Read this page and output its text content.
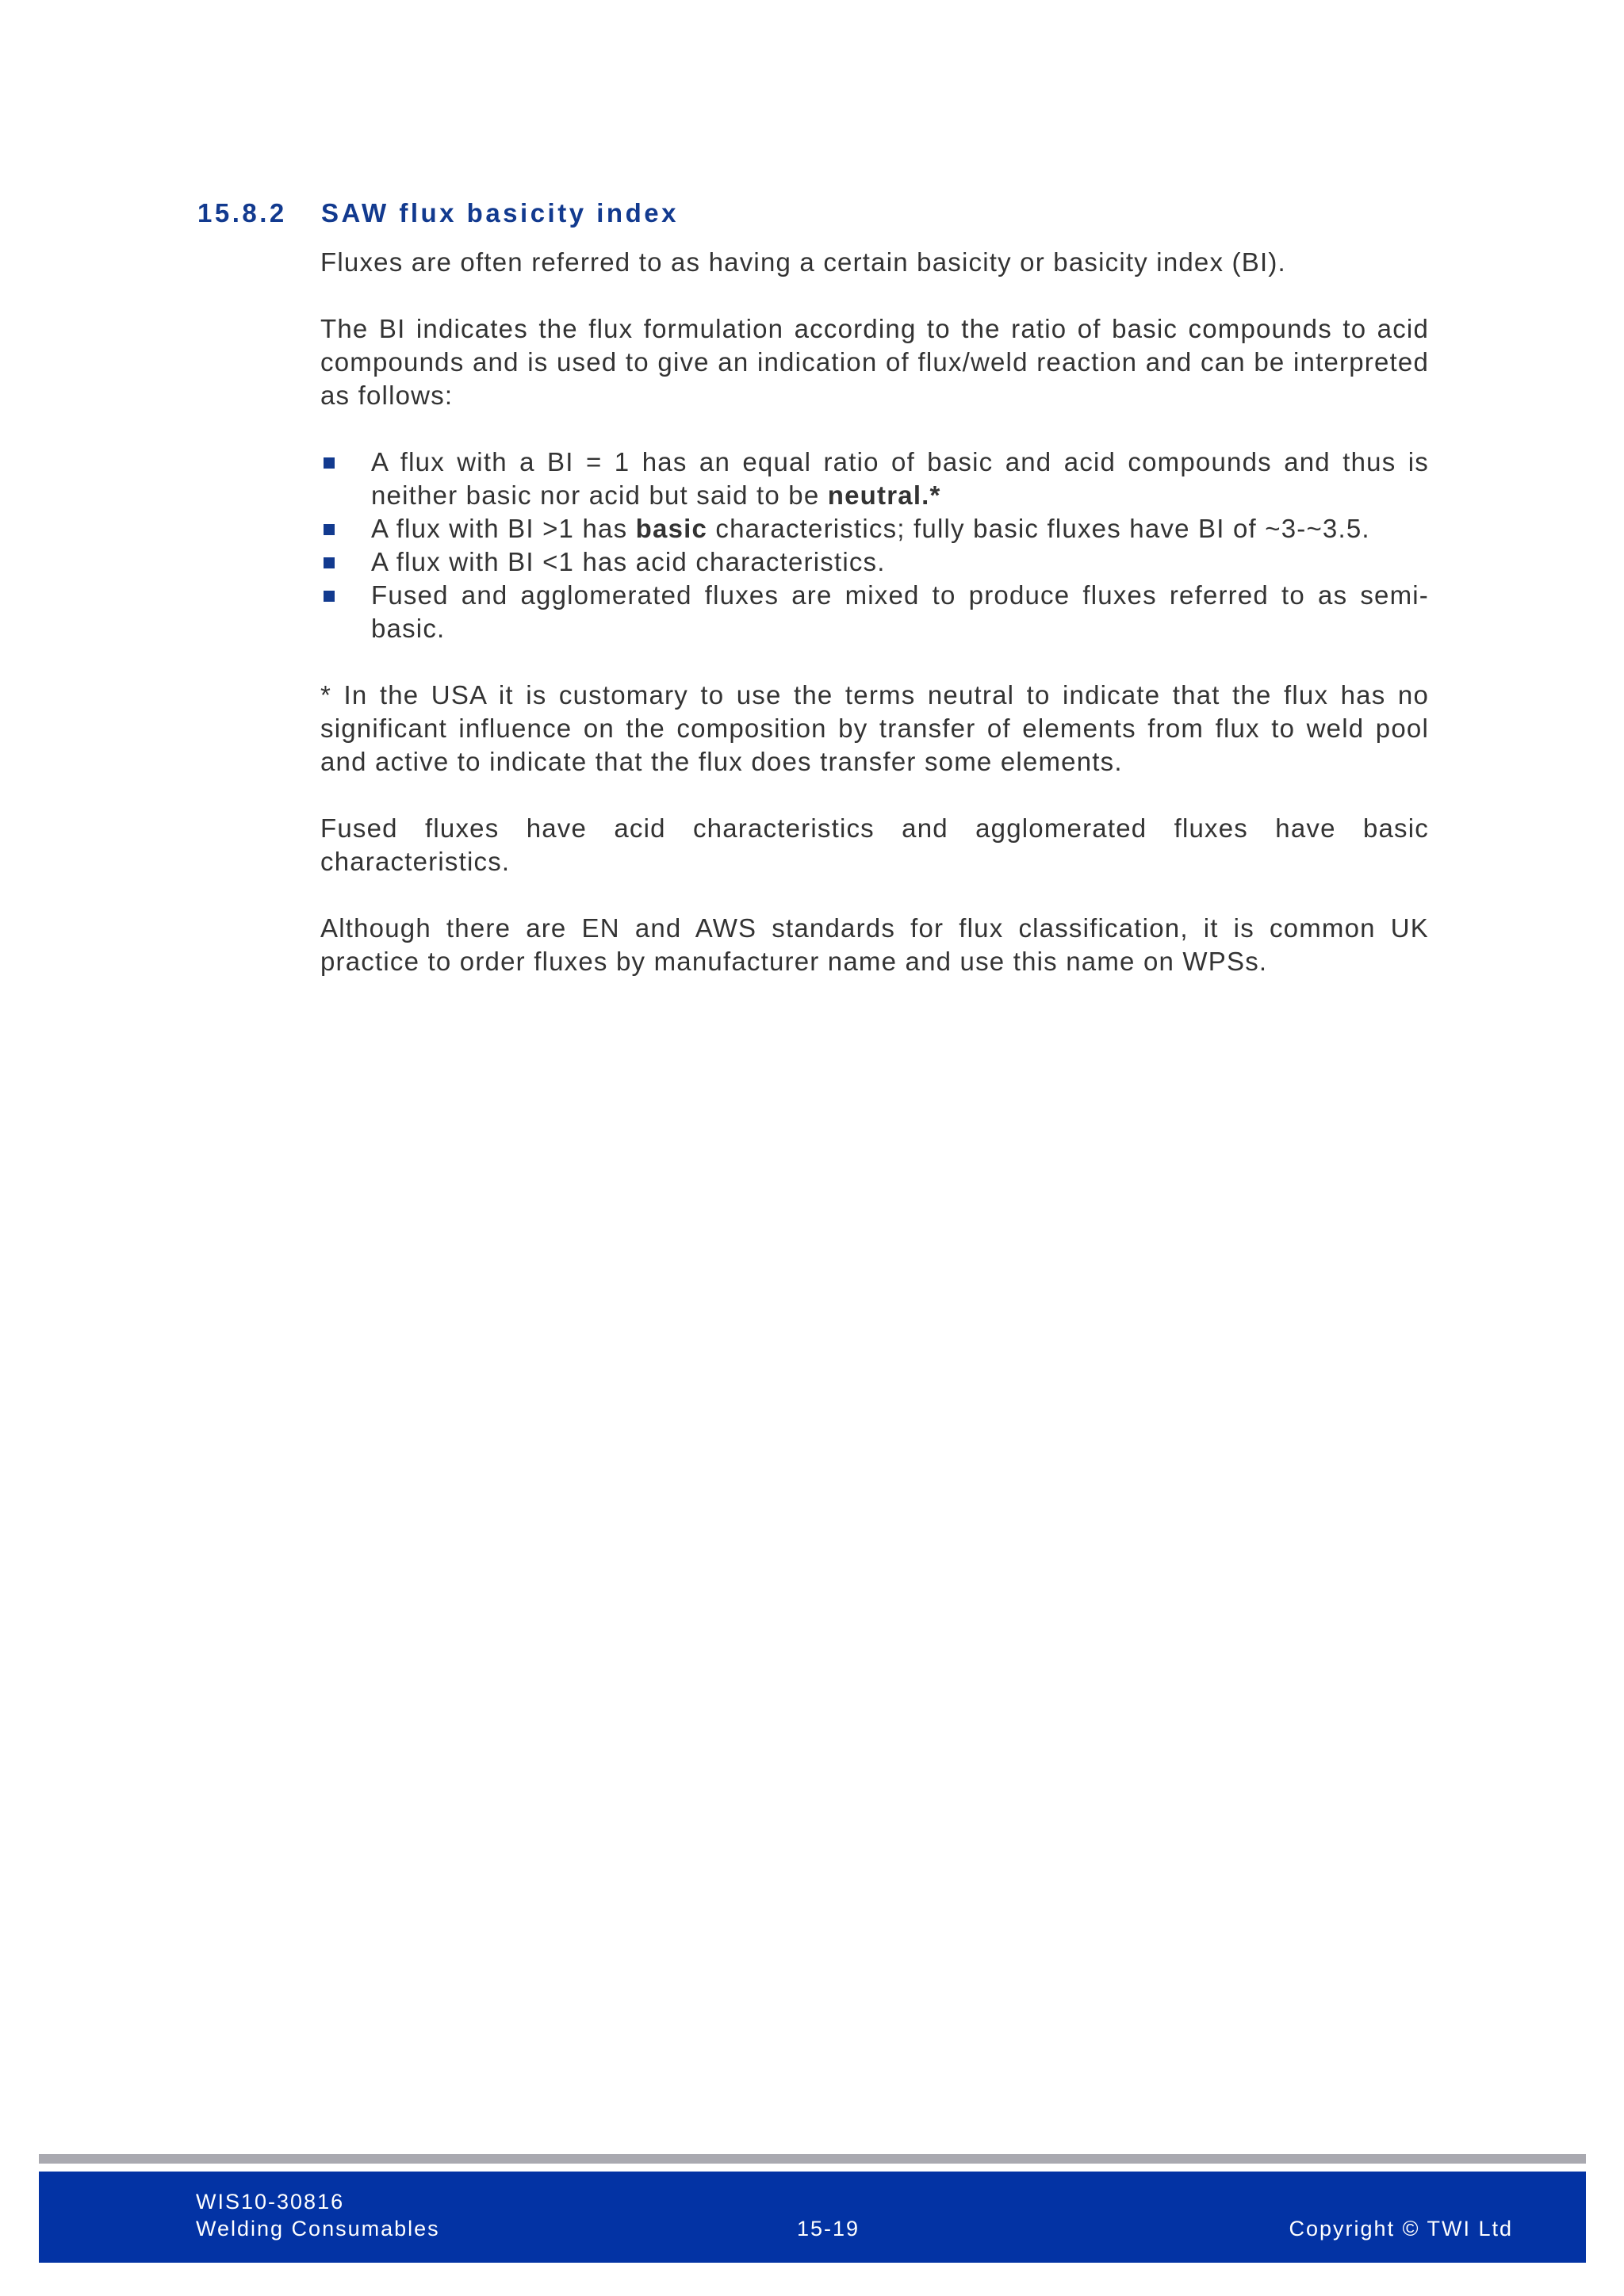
15.8.2 SAW flux basicity index

Fluxes are often referred to as having a certain basicity or basicity index (BI).

The BI indicates the flux formulation according to the ratio of basic compounds to acid compounds and is used to give an indication of flux/weld reaction and can be interpreted as follows:

A flux with a BI = 1 has an equal ratio of basic and acid compounds and thus is neither basic nor acid but said to be neutral.*
A flux with BI >1 has basic characteristics; fully basic fluxes have BI of ~3-~3.5.
A flux with BI <1 has acid characteristics.
Fused and agglomerated fluxes are mixed to produce fluxes referred to as semi-basic.

* In the USA it is customary to use the terms neutral to indicate that the flux has no significant influence on the composition by transfer of elements from flux to weld pool and active to indicate that the flux does transfer some elements.

Fused fluxes have acid characteristics and agglomerated fluxes have basic characteristics.

Although there are EN and AWS standards for flux classification, it is common UK practice to order fluxes by manufacturer name and use this name on WPSs.

WIS10-30816
Welding Consumables	15-19	Copyright © TWI Ltd
